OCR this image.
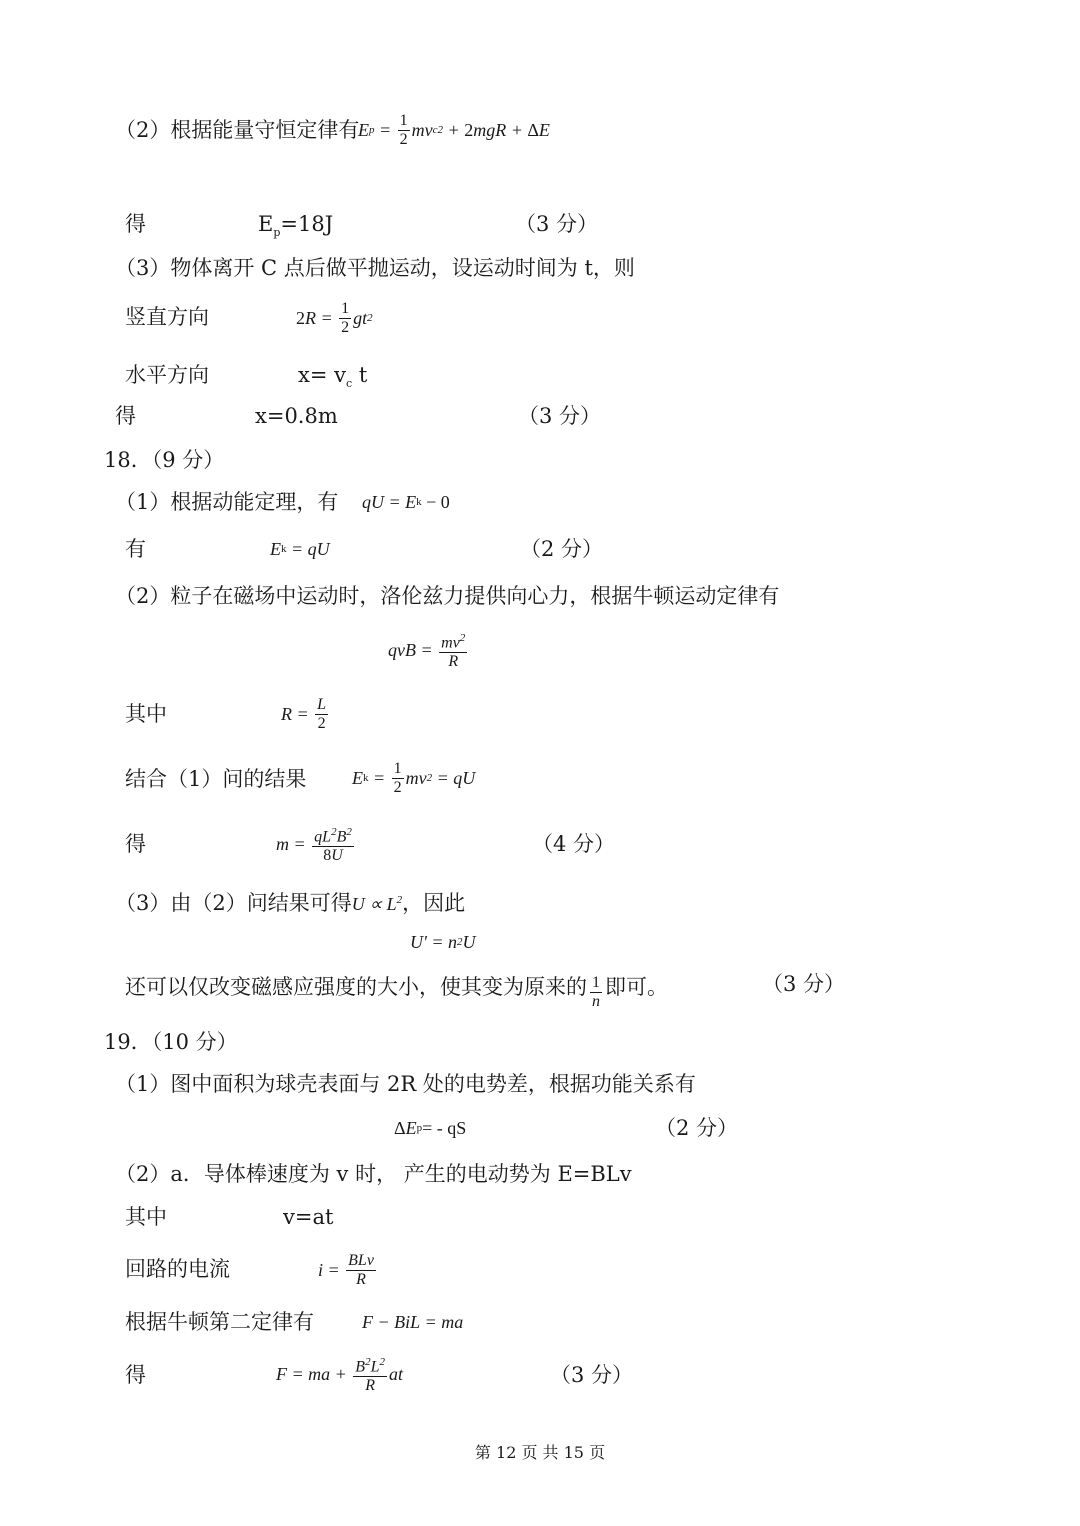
（2）根据能量守恒定律有
E $p = \frac{1}{2}$ mv c 2 + 2 mgR + Δ E
得	$E_p=18J$	（3 分）
（3）物体离开 C 点后做平抛运动，设运动时间为 t，则
竖直方向	2 $R = \frac{1}{2}$ gt 2
水平方向	$x= v_c$ t
得	x=0.8m	（3 分）
18．（9 分）
（1）根据动能定理，有 qU = E k
− 0
有	E k = qU	（2 分）
（2）粒子在磁场中运动时，洛伦兹力提供向心力，根据牛顿运动定律有
qvB = $\frac{mv^2}{R}$
其中	$R = \frac{L}{2}$
结合（1）问的结果	E $k = \frac{1}{2}$ mv 2 = qU
得	$m = \frac{qL^2B^2}{8U}$	（4 分）
（3）由（2）问结果可得$U \propto L^2$，因此
U' = n 2 U
还可以仅改变磁感应强度的大小，使其变为原来的 $\frac{1}{n}$ 即可。	（3 分）
19．（10 分）
（1）图中面积为球壳表面与 2R 处的电势差，根据功能关系有
Δ E p = - qS	（2 分）
（2）a．导体棒速度为 v 时， 产生的电动势为 E=BLv
其中	v=at
回路的电流	$i = \frac{\text{BLv}}{R}$
根据牛顿第二定律有	F − BiL = ma
得	F = ma + $\frac{B^2L^2}{R}$ at	（3 分）
第 12 页 共 15 页
